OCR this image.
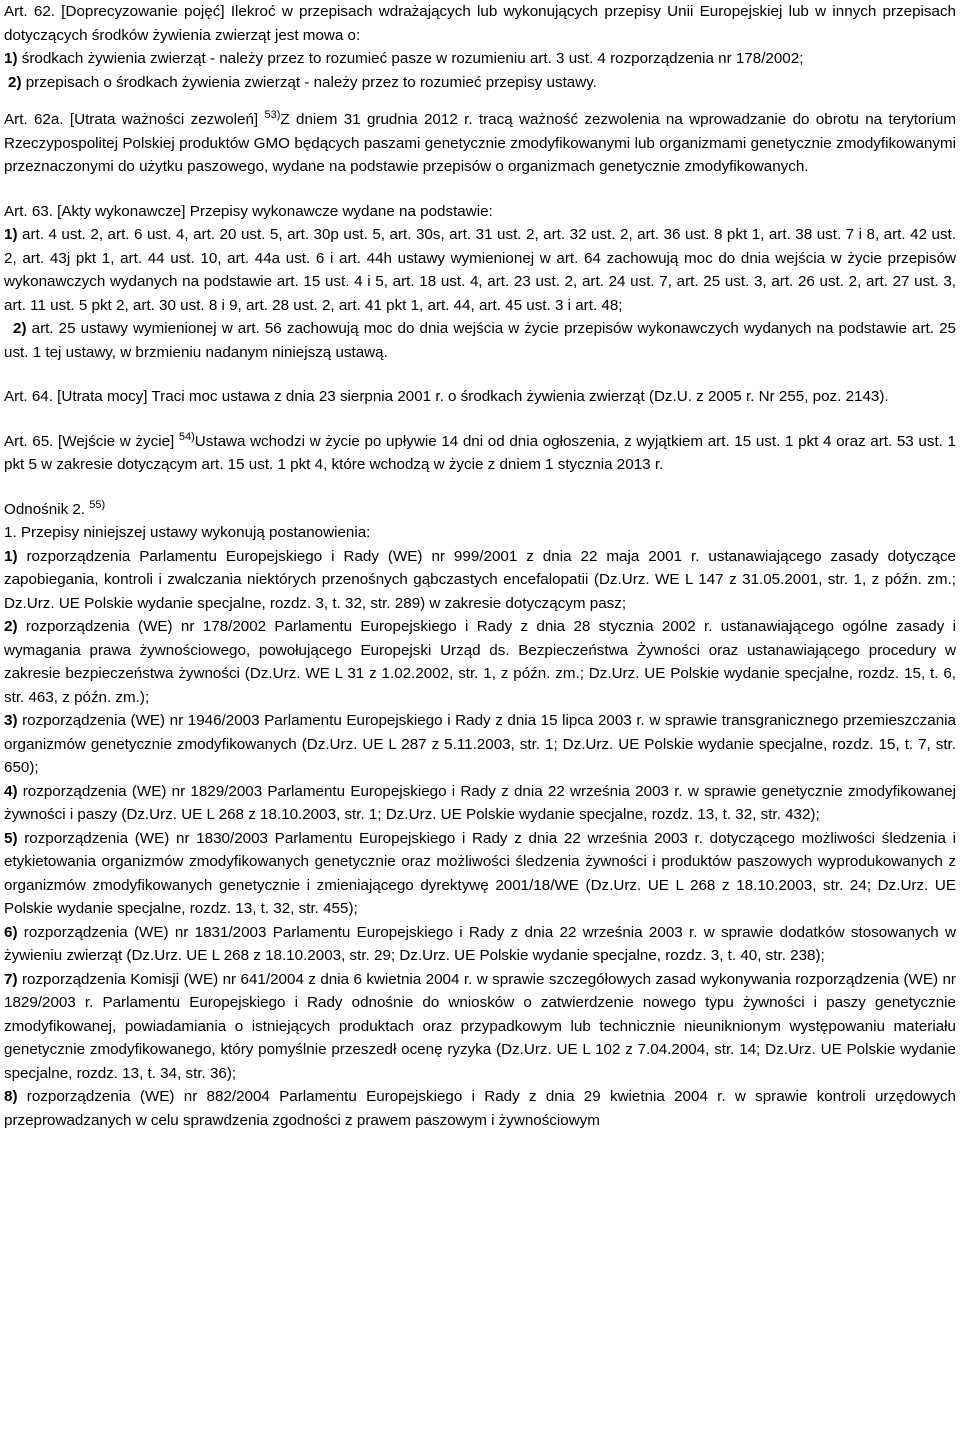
Art. 62. [Doprecyzowanie pojęć] Ilekroć w przepisach wdrażających lub wykonujących przepisy Unii Europejskiej lub w innych przepisach dotyczących środków żywienia zwierząt jest mowa o:

1) środkach żywienia zwierząt - należy przez to rozumieć pasze w rozumieniu art. 3 ust. 4 rozporządzenia nr 178/2002;

2) przepisach o środkach żywienia zwierząt - należy przez to rozumieć przepisy ustawy.

Art. 62a. [Utrata ważności zezwoleń] $^{53)}$Z dniem 31 grudnia 2012 r. tracą ważność zezwolenia na wprowadzanie do obrotu na terytorium Rzeczypospolitej Polskiej produktów GMO będących paszami genetycznie zmodyfikowanymi lub organizmami genetycznie zmodyfikowanymi przeznaczonymi do użytku paszowego, wydane na podstawie przepisów o organizmach genetycznie zmodyfikowanych.

Art. 63. [Akty wykonawcze] Przepisy wykonawcze wydane na podstawie:

1) art. 4 ust. 2, art. 6 ust. 4, art. 20 ust. 5, art. 30p ust. 5, art. 30s, art. 31 ust. 2, art. 32 ust. 2, art. 36 ust. 8 pkt 1, art. 38 ust. 7 i 8, art. 42 ust. 2, art. 43j pkt 1, art. 44 ust. 10, art. 44a ust. 6 i art. 44h ustawy wymienionej w art. 64 zachowują moc do dnia wejścia w życie przepisów wykonawczych wydanych na podstawie art. 15 ust. 4 i 5, art. 18 ust. 4, art. 23 ust. 2, art. 24 ust. 7, art. 25 ust. 3, art. 26 ust. 2, art. 27 ust. 3, art. 11 ust. 5 pkt 2, art. 30 ust. 8 i 9, art. 28 ust. 2, art. 41 pkt 1, art. 44, art. 45 ust. 3 i art. 48;

2) art. 25 ustawy wymienionej w art. 56 zachowują moc do dnia wejścia w życie przepisów wykonawczych wydanych na podstawie art. 25 ust. 1 tej ustawy, w brzmieniu nadanym niniejszą ustawą.

Art. 64. [Utrata mocy] Traci moc ustawa z dnia 23 sierpnia 2001 r. o środkach żywienia zwierząt (Dz.U. z 2005 r. Nr 255, poz. 2143).

Art. 65. [Wejście w życie] $^{54)}$Ustawa wchodzi w życie po upływie 14 dni od dnia ogłoszenia, z wyjątkiem art. 15 ust. 1 pkt 4 oraz art. 53 ust. 1 pkt 5 w zakresie dotyczącym art. 15 ust. 1 pkt 4, które wchodzą w życie z dniem 1 stycznia 2013 r.

Odnośnik 2. $^{55)}$

1. Przepisy niniejszej ustawy wykonują postanowienia:

1) rozporządzenia Parlamentu Europejskiego i Rady (WE) nr 999/2001 z dnia 22 maja 2001 r. ustanawiającego zasady dotyczące zapobiegania, kontroli i zwalczania niektórych przenośnych gąbczastych encefalopatii (Dz.Urz. WE L 147 z 31.05.2001, str. 1, z późn. zm.; Dz.Urz. UE Polskie wydanie specjalne, rozdz. 3, t. 32, str. 289) w zakresie dotyczącym pasz;

2) rozporządzenia (WE) nr 178/2002 Parlamentu Europejskiego i Rady z dnia 28 stycznia 2002 r. ustanawiającego ogólne zasady i wymagania prawa żywnościowego, powołującego Europejski Urząd ds. Bezpieczeństwa Żywności oraz ustanawiającego procedury w zakresie bezpieczeństwa żywności (Dz.Urz. WE L 31 z 1.02.2002, str. 1, z późn. zm.; Dz.Urz. UE Polskie wydanie specjalne, rozdz. 15, t. 6, str. 463, z późn. zm.);

3) rozporządzenia (WE) nr 1946/2003 Parlamentu Europejskiego i Rady z dnia 15 lipca 2003 r. w sprawie transgranicznego przemieszczania organizmów genetycznie zmodyfikowanych (Dz.Urz. UE L 287 z 5.11.2003, str. 1; Dz.Urz. UE Polskie wydanie specjalne, rozdz. 15, t. 7, str. 650);

4) rozporządzenia (WE) nr 1829/2003 Parlamentu Europejskiego i Rady z dnia 22 września 2003 r. w sprawie genetycznie zmodyfikowanej żywności i paszy (Dz.Urz. UE L 268 z 18.10.2003, str. 1; Dz.Urz. UE Polskie wydanie specjalne, rozdz. 13, t. 32, str. 432);

5) rozporządzenia (WE) nr 1830/2003 Parlamentu Europejskiego i Rady z dnia 22 września 2003 r. dotyczącego możliwości śledzenia i etykietowania organizmów zmodyfikowanych genetycznie oraz możliwości śledzenia żywności i produktów paszowych wyprodukowanych z organizmów zmodyfikowanych genetycznie i zmieniającego dyrektywę 2001/18/WE (Dz.Urz. UE L 268 z 18.10.2003, str. 24; Dz.Urz. UE Polskie wydanie specjalne, rozdz. 13, t. 32, str. 455);

6) rozporządzenia (WE) nr 1831/2003 Parlamentu Europejskiego i Rady z dnia 22 września 2003 r. w sprawie dodatków stosowanych w żywieniu zwierząt (Dz.Urz. UE L 268 z 18.10.2003, str. 29; Dz.Urz. UE Polskie wydanie specjalne, rozdz. 3, t. 40, str. 238);

7) rozporządzenia Komisji (WE) nr 641/2004 z dnia 6 kwietnia 2004 r. w sprawie szczegółowych zasad wykonywania rozporządzenia (WE) nr 1829/2003 r. Parlamentu Europejskiego i Rady odnośnie do wniosków o zatwierdzenie nowego typu żywności i paszy genetycznie zmodyfikowanej, powiadamiania o istniejących produktach oraz przypadkowym lub technicznie nieuniknionym występowaniu materiału genetycznie zmodyfikowanego, który pomyślnie przeszedł ocenę ryzyka (Dz.Urz. UE L 102 z 7.04.2004, str. 14; Dz.Urz. UE Polskie wydanie specjalne, rozdz. 13, t. 34, str. 36);

8) rozporządzenia (WE) nr 882/2004 Parlamentu Europejskiego i Rady z dnia 29 kwietnia 2004 r. w sprawie kontroli urzędowych przeprowadzanych w celu sprawdzenia zgodności z prawem paszowym i żywnościowym
